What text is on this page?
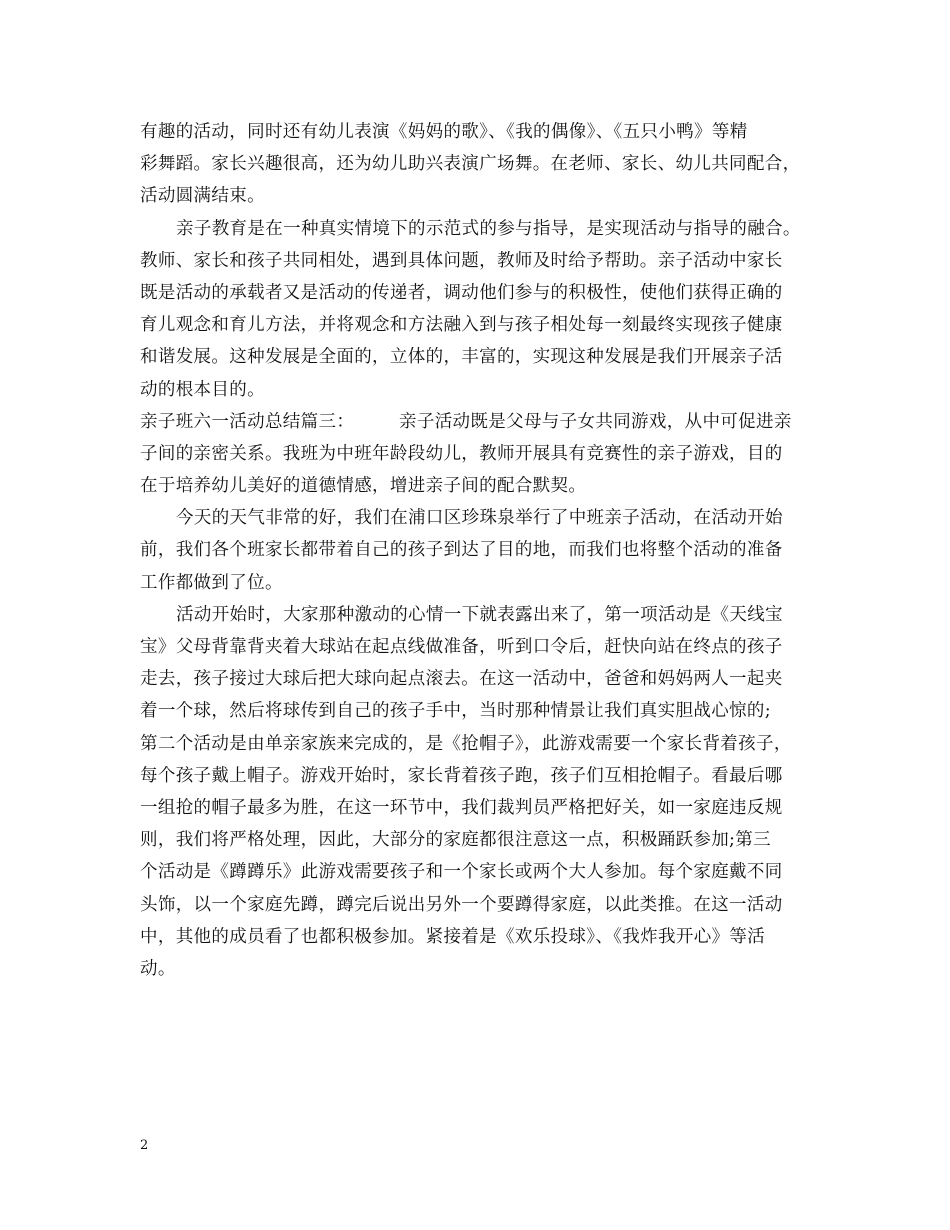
有趣的活动，同时还有幼儿表演《妈妈的歌》、《我的偶像》、《五只小鸭》等精
彩舞蹈。家长兴趣很高，还为幼儿助兴表演广场舞。在老师、家长、幼儿共同配合，
活动圆满结束。
亲子教育是在一种真实情境下的示范式的参与指导，是实现活动与指导的融合。
教师、家长和孩子共同相处，遇到具体问题，教师及时给予帮助。亲子活动中家长
既是活动的承载者又是活动的传递者，调动他们参与的积极性，使他们获得正确的
育儿观念和育儿方法，并将观念和方法融入到与孩子相处每一刻最终实现孩子健康
和谐发展。这种发展是全面的，立体的，丰富的，实现这种发展是我们开展亲子活
动的根本目的。
亲子班六一活动总结篇三：　　　亲子活动既是父母与子女共同游戏，从中可促进亲
子间的亲密关系。我班为中班年龄段幼儿，教师开展具有竞赛性的亲子游戏，目的
在于培养幼儿美好的道德情感，增进亲子间的配合默契。
今天的天气非常的好，我们在浦口区珍珠泉举行了中班亲子活动，在活动开始
前，我们各个班家长都带着自己的孩子到达了目的地，而我们也将整个活动的准备
工作都做到了位。
活动开始时，大家那种激动的心情一下就表露出来了，第一项活动是《天线宝
宝》父母背靠背夹着大球站在起点线做准备，听到口令后，赶快向站在终点的孩子
走去，孩子接过大球后把大球向起点滚去。在这一活动中，爸爸和妈妈两人一起夹
着一个球，然后将球传到自己的孩子手中，当时那种情景让我们真实胆战心惊的;
第二个活动是由单亲家族来完成的，是《抢帽子》，此游戏需要一个家长背着孩子，
每个孩子戴上帽子。游戏开始时，家长背着孩子跑，孩子们互相抢帽子。看最后哪
一组抢的帽子最多为胜，在这一环节中，我们裁判员严格把好关，如一家庭违反规
则，我们将严格处理，因此，大部分的家庭都很注意这一点，积极踊跃参加;第三
个活动是《蹲蹲乐》此游戏需要孩子和一个家长或两个大人参加。每个家庭戴不同
头饰，以一个家庭先蹲，蹲完后说出另外一个要蹲得家庭，以此类推。在这一活动
中，其他的成员看了也都积极参加。紧接着是《欢乐投球》、《我炸我开心》等活
动。
2
